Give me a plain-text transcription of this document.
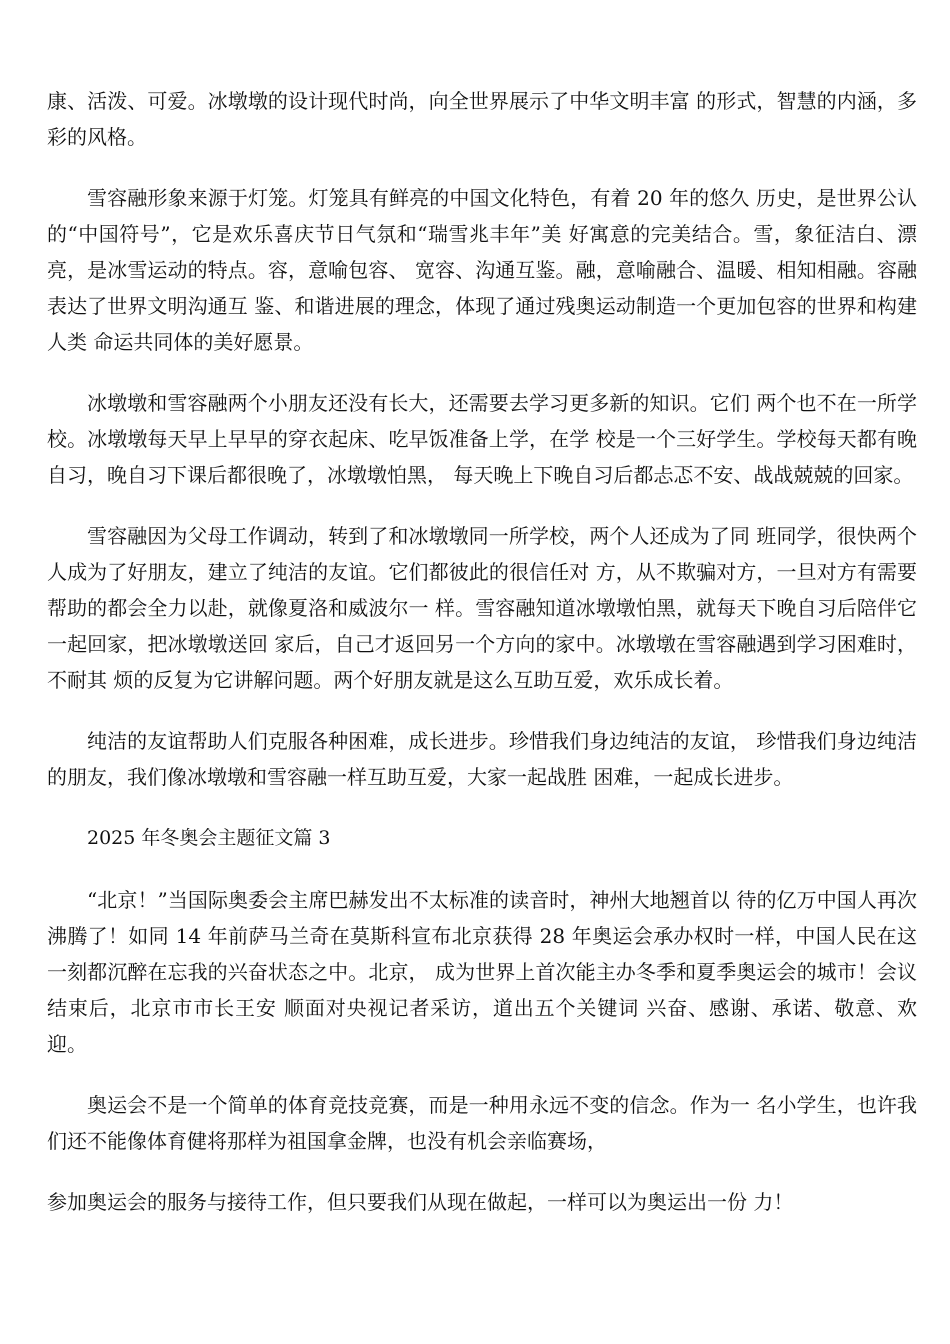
康、活泼、可爱。冰墩墩的设计现代时尚，向全世界展示了中华文明丰富 的形式，智慧的内涵，多彩的风格。

雪容融形象来源于灯笼。灯笼具有鲜亮的中国文化特色，有着 20 年的悠久 历史，是世界公认的“中国符号”，它是欢乐喜庆节日气氛和“瑞雪兆丰年”美 好寓意的完美结合。雪，象征洁白、漂亮，是冰雪运动的特点。容，意喻包容、 宽容、沟通互鉴。融，意喻融合、温暖、相知相融。容融表达了世界文明沟通互 鉴、和谐进展的理念，体现了通过残奥运动制造一个更加包容的世界和构建人类 命运共同体的美好愿景。

冰墩墩和雪容融两个小朋友还没有长大，还需要去学习更多新的知识。它们 两个也不在一所学校。冰墩墩每天早上早早的穿衣起床、吃早饭准备上学，在学 校是一个三好学生。学校每天都有晚自习，晚自习下课后都很晚了，冰墩墩怕黑， 每天晚上下晚自习后都忐忑不安、战战兢兢的回家。

雪容融因为父母工作调动，转到了和冰墩墩同一所学校，两个人还成为了同 班同学，很快两个人成为了好朋友，建立了纯洁的友谊。它们都彼此的很信任对 方，从不欺骗对方，一旦对方有需要帮助的都会全力以赴，就像夏洛和威波尔一 样。雪容融知道冰墩墩怕黑，就每天下晚自习后陪伴它一起回家，把冰墩墩送回 家后，自己才返回另一个方向的家中。冰墩墩在雪容融遇到学习困难时，不耐其 烦的反复为它讲解问题。两个好朋友就是这么互助互爱，欢乐成长着。

纯洁的友谊帮助人们克服各种困难，成长进步。珍惜我们身边纯洁的友谊， 珍惜我们身边纯洁的朋友，我们像冰墩墩和雪容融一样互助互爱，大家一起战胜 困难，一起成长进步。

2025 年冬奥会主题征文篇 3

“北京！”当国际奥委会主席巴赫发出不太标准的读音时，神州大地翘首以 待的亿万中国人再次沸腾了！如同 14 年前萨马兰奇在莫斯科宣布北京获得 28 年奥运会承办权时一样，中国人民在这一刻都沉醉在忘我的兴奋状态之中。北京， 成为世界上首次能主办冬季和夏季奥运会的城市！会议结束后，北京市市长王安 顺面对央视记者采访，道出五个关键词 兴奋、感谢、承诺、敬意、欢迎。

奥运会不是一个简单的体育竞技竞赛，而是一种用永远不变的信念。作为一 名小学生，也许我们还不能像体育健将那样为祖国拿金牌，也没有机会亲临赛场，

参加奥运会的服务与接待工作，但只要我们从现在做起，一样可以为奥运出一份 力！
